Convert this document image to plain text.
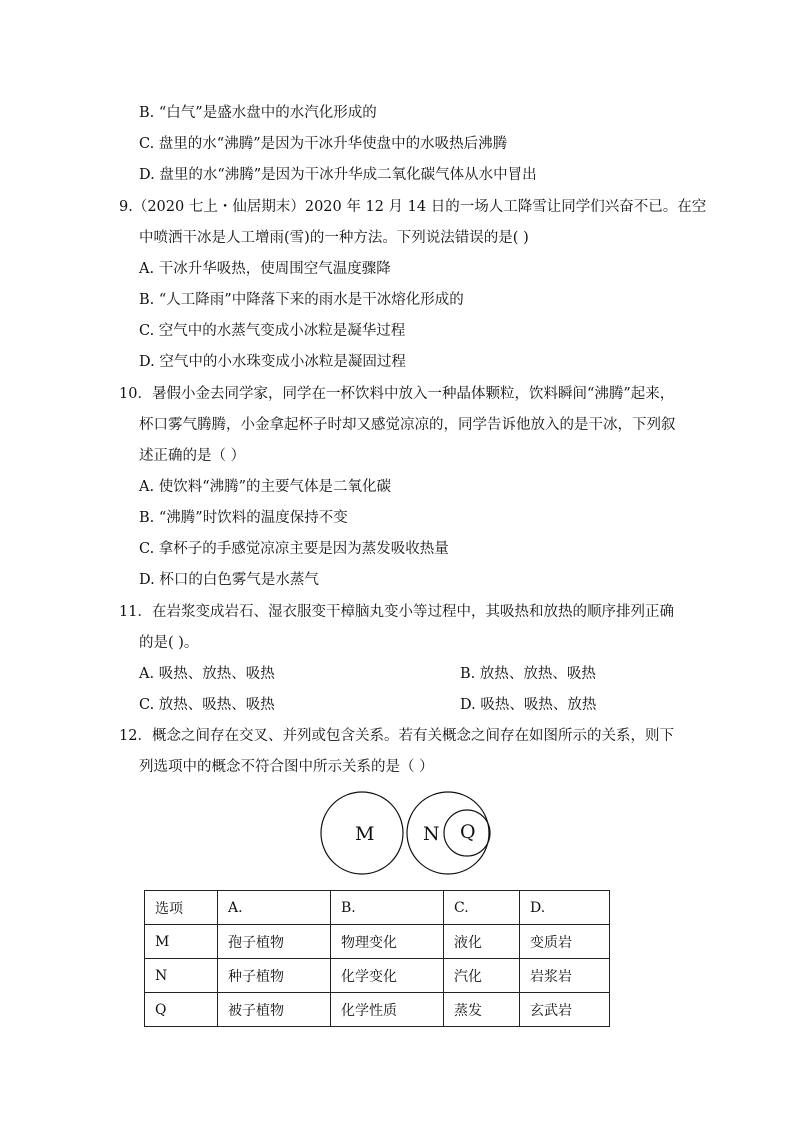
B. “白气”是盛水盘中的水汽化形成的
C. 盘里的水“沸腾”是因为干冰升华使盘中的水吸热后沸腾
D. 盘里的水“沸腾”是因为干冰升华成二氧化碳气体从水中冒出
9.（2020 七上・仙居期末）2020 年 12 月 14 日的一场人工降雪让同学们兴奋不已。在空
中喷洒干冰是人工增雨(雪)的一种方法。下列说法错误的是( )
A. 干冰升华吸热，使周围空气温度骤降
B. “人工降雨”中降落下来的雨水是干冰熔化形成的
C. 空气中的水蒸气变成小冰粒是凝华过程
D. 空气中的小水珠变成小冰粒是凝固过程
10．暑假小金去同学家，同学在一杯饮料中放入一种晶体颗粒，饮料瞬间“沸腾”起来，
杯口雾气腾腾，小金拿起杯子时却又感觉凉凉的，同学告诉他放入的是干冰，下列叙
述正确的是（ ）
A. 使饮料“沸腾”的主要气体是二氧化碳
B. “沸腾”时饮料的温度保持不变
C. 拿杯子的手感觉凉凉主要是因为蒸发吸收热量
D. 杯口的白色雾气是水蒸气
11．在岩浆变成岩石、湿衣服变干樟脑丸变小等过程中，其吸热和放热的顺序排列正确
的是( )。
A. 吸热、放热、吸热	B. 放热、放热、吸热
C. 放热、吸热、吸热	D. 吸热、吸热、放热
12．概念之间存在交叉、并列或包含关系。若有关概念之间存在如图所示的关系，则下
列选项中的概念不符合图中所示关系的是（ ）
M	N Q
选项	A.	B.	C.	D.
M	孢子植物	物理变化	液化	变质岩
N	种子植物	化学变化	汽化	岩浆岩
Q	被子植物	化学性质	蒸发	玄武岩
